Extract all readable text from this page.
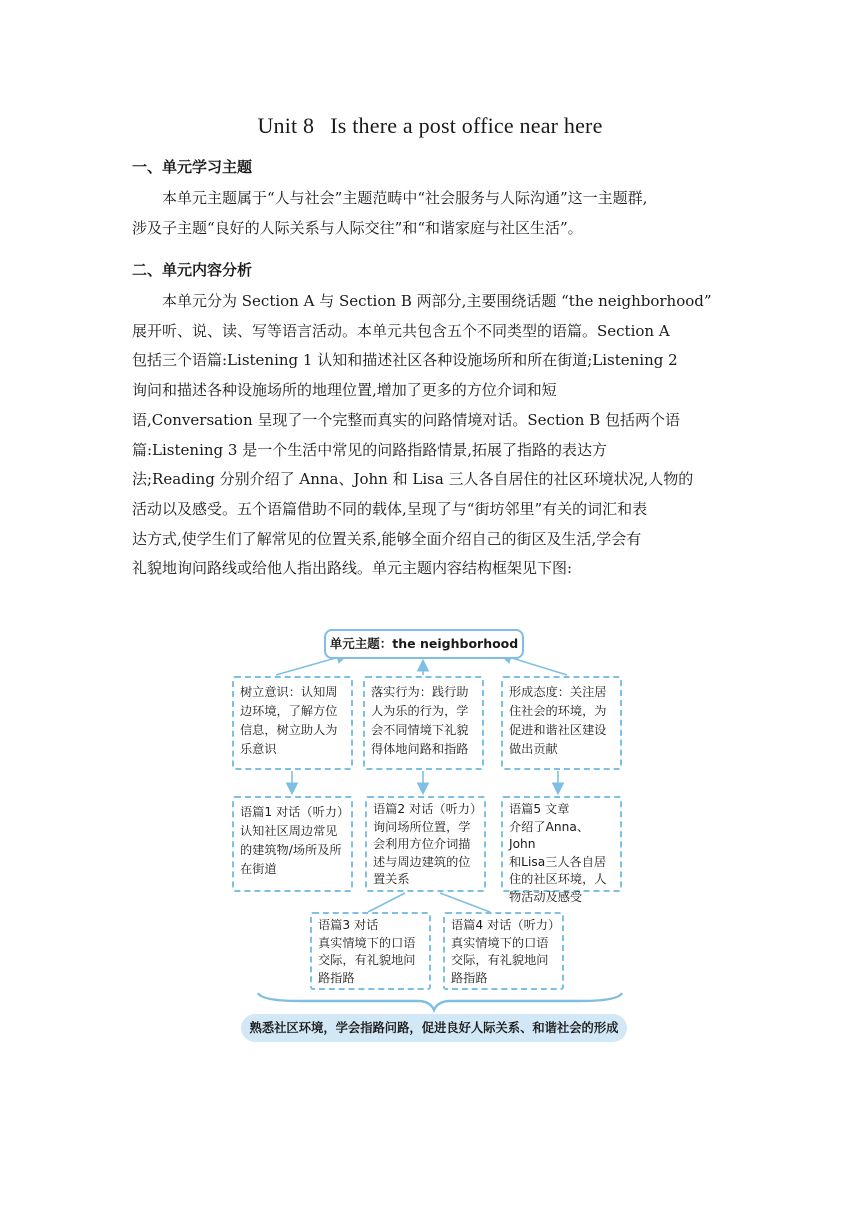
Unit 8 Is there a post office near here
一、单元学习主题

本单元主题属于“人与社会”主题范畴中“社会服务与人际沟通”这一主题群,

涉及子主题“良好的人际关系与人际交往”和“和谐家庭与社区生活”。

二、单元内容分析

本单元分为 Section A 与 Section B 两部分,主要围绕话题 “the neighborhood”

展开听、说、读、写等语言活动。本单元共包含五个不同类型的语篇。Section A

包括三个语篇:Listening 1 认知和描述社区各种设施场所和所在街道;Listening 2

询问和描述各种设施场所的地理位置,增加了更多的方位介词和短

语,Conversation 呈现了一个完整而真实的问路情境对话。Section B 包括两个语

篇:Listening 3 是一个生活中常见的问路指路情景,拓展了指路的表达方

法;Reading 分别介绍了 Anna、John 和 Lisa 三人各自居住的社区环境状况,人物的

活动以及感受。五个语篇借助不同的载体,呈现了与“街坊邻里”有关的词汇和表

达方式,使学生们了解常见的位置关系,能够全面介绍自己的街区及生活,学会有

礼貌地询问路线或给他人指出路线。单元主题内容结构框架见下图:

单元主题：the neighborhood
树立意识：认知周
边环境，了解方位
信息，树立助人为
乐意识
落实行为：践行助
人为乐的行为，学
会不同情境下礼貌
得体地问路和指路
形成态度：关注居
住社会的环境，为
促进和谐社区建设
做出贡献
语篇1 对话（听力）
认知社区周边常见
的建筑物/场所及所
在街道
语篇2 对话（听力）
询问场所位置，学
会利用方位介词描
述与周边建筑的位
置关系
语篇5 文章
介绍了Anna、John
和Lisa三人各自居
住的社区环境，人
物活动及感受
语篇3 对话
真实情境下的口语
交际，有礼貌地问
路指路
语篇4 对话（听力）
真实情境下的口语
交际，有礼貌地问
路指路
熟悉社区环境，学会指路问路，促进良好人际关系、和谐社会的形成
